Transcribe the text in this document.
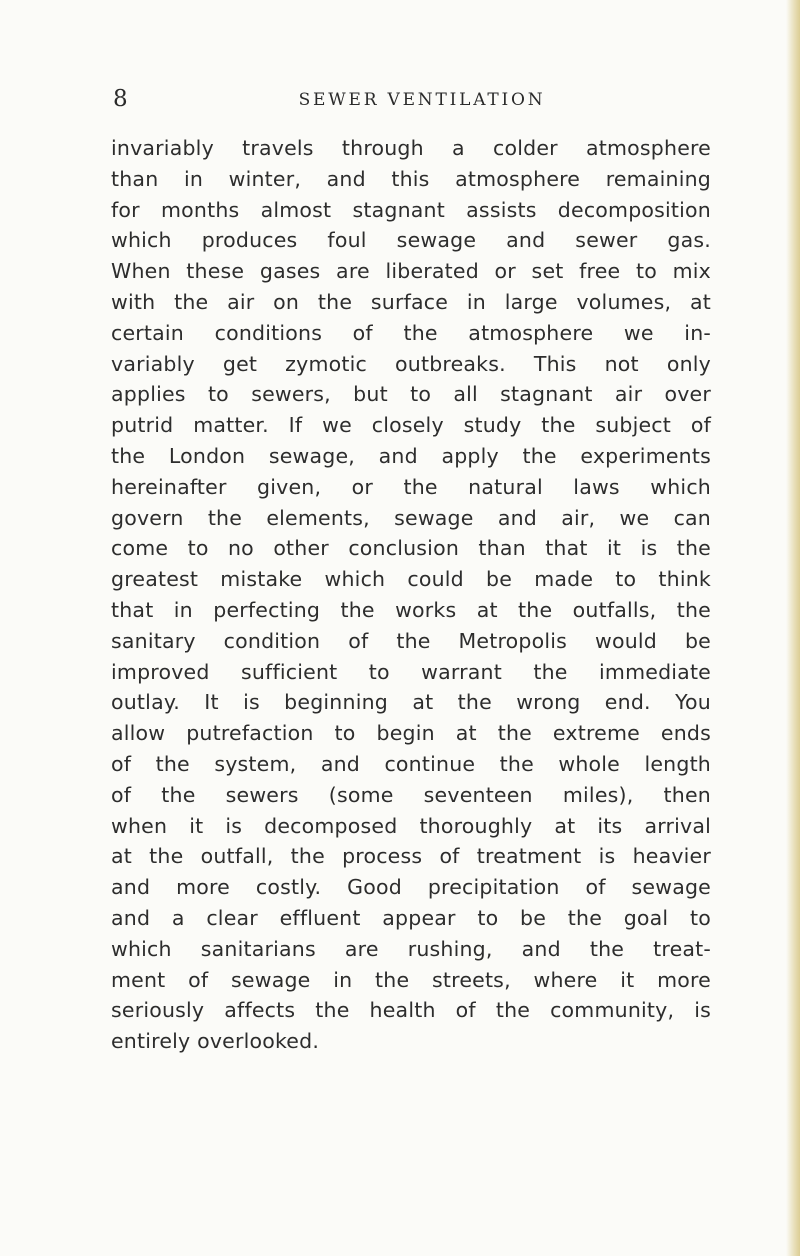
8	SEWER VENTILATION

invariably travels through a colder atmosphere
than in winter, and this atmosphere remaining
for months almost stagnant assists decomposition
which produces foul sewage and sewer gas.
When these gases are liberated or set free to mix
with the air on the surface in large volumes, at
certain conditions of the atmosphere we in-
variably get zymotic outbreaks. This not only
applies to sewers, but to all stagnant air over
putrid matter. If we closely study the subject of
the London sewage, and apply the experiments
hereinafter given, or the natural laws which
govern the elements, sewage and air, we can
come to no other conclusion than that it is the
greatest mistake which could be made to think
that in perfecting the works at the outfalls, the
sanitary condition of the Metropolis would be
improved sufficient to warrant the immediate
outlay. It is beginning at the wrong end. You
allow putrefaction to begin at the extreme ends
of the system, and continue the whole length
of the sewers (some seventeen miles), then
when it is decomposed thoroughly at its arrival
at the outfall, the process of treatment is heavier
and more costly. Good precipitation of sewage
and a clear effluent appear to be the goal to
which sanitarians are rushing, and the treat-
ment of sewage in the streets, where it more
seriously affects the health of the community, is
entirely overlooked.
